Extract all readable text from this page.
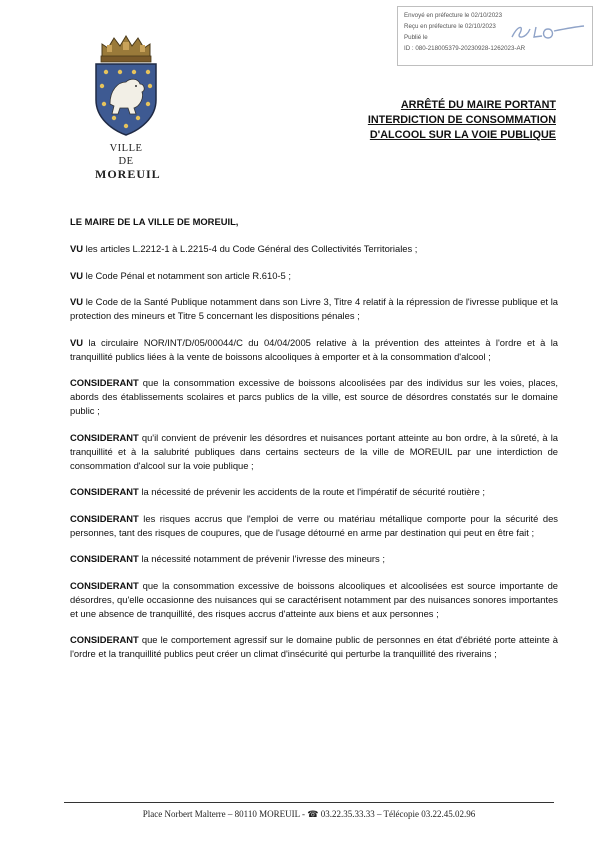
Envoyé en préfecture le 02/10/2023
Reçu en préfecture le 02/10/2023
Publié le
ID : 080-218005379-20230928-1262023-AR
VILLE
DE
MOREUIL
ARRÊTÉ DU MAIRE PORTANT
INTERDICTION DE CONSOMMATION
D'ALCOOL SUR LA VOIE PUBLIQUE
LE MAIRE DE LA VILLE DE MOREUIL,

VU les articles L.2212-1 à L.2215-4 du Code Général des Collectivités Territoriales ;

VU le Code Pénal et notamment son article R.610-5 ;

VU le Code de la Santé Publique notamment dans son Livre 3, Titre 4 relatif à la répression de l'ivresse publique et la protection des mineurs et Titre 5 concernant les dispositions pénales ;

VU la circulaire NOR/INT/D/05/00044/C du 04/04/2005 relative à la prévention des atteintes à l'ordre et à la tranquillité publics liées à la vente de boissons alcooliques à emporter et à la consommation d'alcool ;

CONSIDERANT que la consommation excessive de boissons alcoolisées par des individus sur les voies, places, abords des établissements scolaires et parcs publics de la ville, est source de désordres constatés sur le domaine public ;

CONSIDERANT qu'il convient de prévenir les désordres et nuisances portant atteinte au bon ordre, à la sûreté, à la tranquillité et à la salubrité publiques dans certains secteurs de la ville de MOREUIL par une interdiction de consommation d'alcool sur la voie publique ;

CONSIDERANT la nécessité de prévenir les accidents de la route et l'impératif de sécurité routière ;

CONSIDERANT les risques accrus que l'emploi de verre ou matériau métallique comporte pour la sécurité des personnes, tant des risques de coupures, que de l'usage détourné en arme par destination qui peut en être fait ;

CONSIDERANT la nécessité notamment de prévenir l'ivresse des mineurs ;

CONSIDERANT que la consommation excessive de boissons alcooliques et alcoolisées est source importante de désordres, qu'elle occasionne des nuisances qui se caractérisent notamment par des nuisances sonores importantes et une absence de tranquillité, des risques accrus d'atteinte aux biens et aux personnes ;

CONSIDERANT que le comportement agressif sur le domaine public de personnes en état d'ébriété porte atteinte à l'ordre et la tranquillité publics peut créer un climat d'insécurité qui perturbe la tranquillité des riverains ;

Place Norbert Malterre – 80110 MOREUIL - ☎ 03.22.35.33.33 – Télécopie 03.22.45.02.96
